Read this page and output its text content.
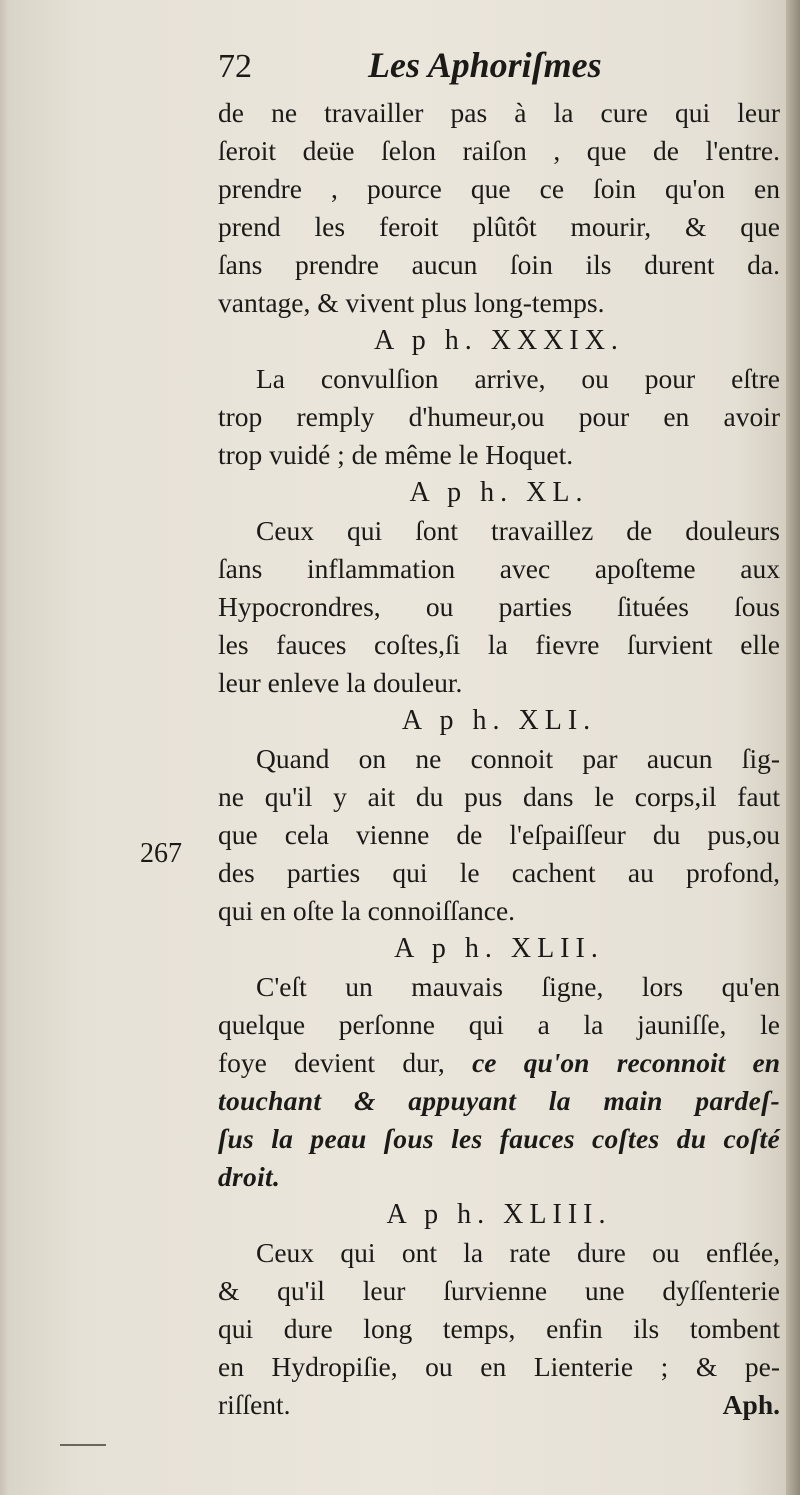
72	Les Aphoriſmes
267
de ne travailler pas à la cure qui leur
ſeroit deüe ſelon raiſon , que de l'entre.
prendre , pource que ce ſoin qu'on en
prend les feroit plûtôt mourir, & que
ſans prendre aucun ſoin ils durent da.
vantage, & vivent plus long-temps.
A p h. XXXIX.
La convulſion arrive, ou pour eſtre
trop remply d'humeur,ou pour en avoir
trop vuidé ; de même le Hoquet.
A p h. XL.
Ceux qui ſont travaillez de douleurs
ſans inflammation avec apoſteme aux
Hypocrondres, ou parties ſituées ſous
les fauces coſtes,ſi la fievre ſurvient elle
leur enleve la douleur.
A p h. XLI.
Quand on ne connoit par aucun ſig-
ne qu'il y ait du pus dans le corps,il faut
que cela vienne de l'eſpaiſſeur du pus,ou
des parties qui le cachent au profond,
qui en oſte la connoiſſance.
A p h. XLII.
C'eſt un mauvais ſigne, lors qu'en
quelque perſonne qui a la jauniſſe, le
foye devient dur, ce qu'on reconnoit en
touchant & appuyant la main pardeſ-
ſus la peau ſous les fauces coſtes du coſté
droit.
A p h. XLIII.
Ceux qui ont la rate dure ou enflée,
& qu'il leur ſurvienne une dyſſenterie
qui dure long temps, enfin ils tombent
en Hydropiſie, ou en Lienterie ; & pe-
riſſent.	Aph.
